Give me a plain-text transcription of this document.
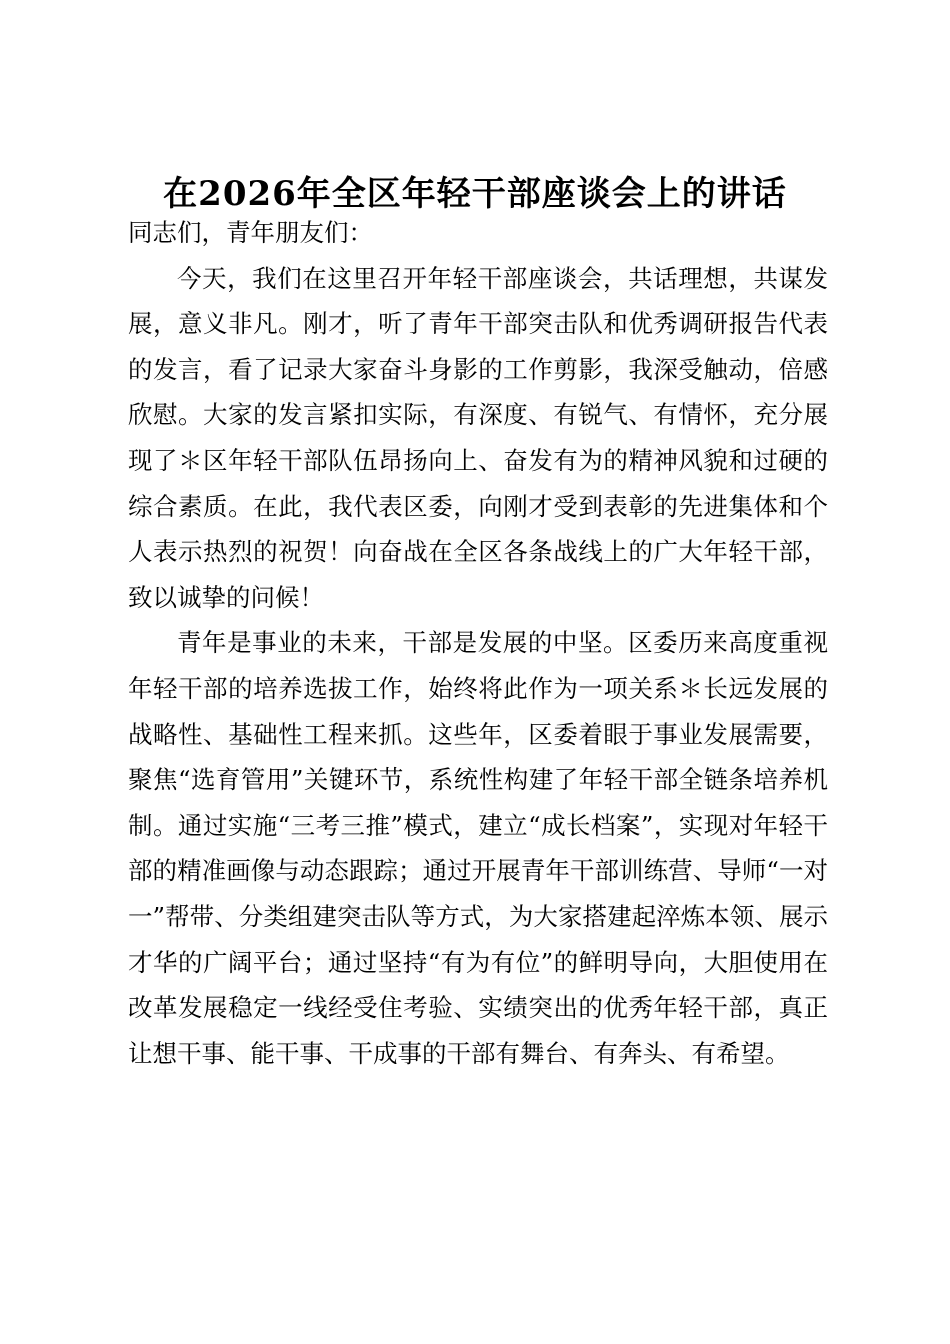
在2026年全区年轻干部座谈会上的讲话

同志们，青年朋友们：

今天，我们在这里召开年轻干部座谈会，共话理想，共谋发展，意义非凡。刚才，听了青年干部突击队和优秀调研报告代表的发言，看了记录大家奋斗身影的工作剪影，我深受触动，倍感欣慰。大家的发言紧扣实际，有深度、有锐气、有情怀，充分展现了＊区年轻干部队伍昂扬向上、奋发有为的精神风貌和过硬的综合素质。在此，我代表区委，向刚才受到表彰的先进集体和个人表示热烈的祝贺！向奋战在全区各条战线上的广大年轻干部，致以诚挚的问候！

青年是事业的未来，干部是发展的中坚。区委历来高度重视年轻干部的培养选拔工作，始终将此作为一项关系＊长远发展的战略性、基础性工程来抓。这些年，区委着眼于事业发展需要，聚焦“选育管用”关键环节，系统性构建了年轻干部全链条培养机制。通过实施“三考三推”模式，建立“成长档案”，实现对年轻干部的精准画像与动态跟踪；通过开展青年干部训练营、导师“一对一”帮带、分类组建突击队等方式，为大家搭建起淬炼本领、展示才华的广阔平台；通过坚持“有为有位”的鲜明导向，大胆使用在改革发展稳定一线经受住考验、实绩突出的优秀年轻干部，真正让想干事、能干事、干成事的干部有舞台、有奔头、有希望。
